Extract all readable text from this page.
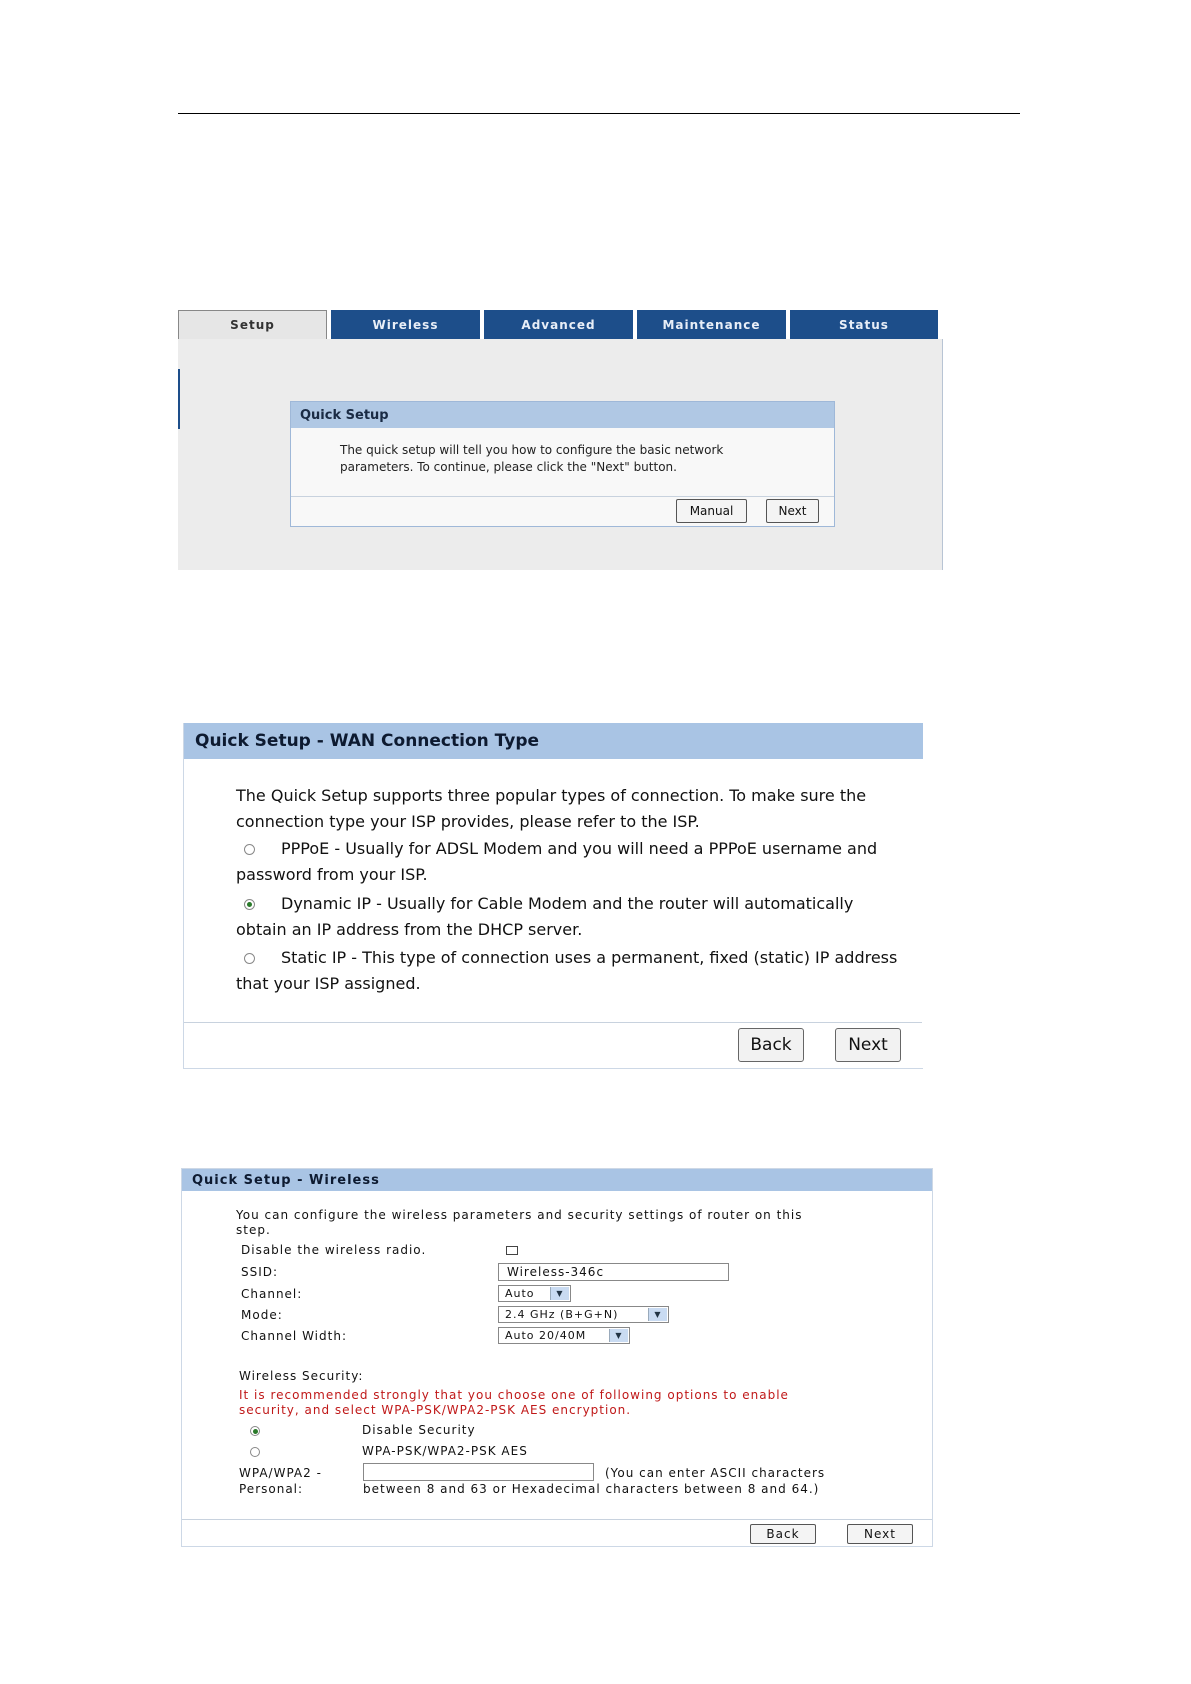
Setup	Wireless	Advanced	Maintenance	Status
Quick Setup
The quick setup will tell you how to configure the basic network
parameters. To continue, please click the "Next" button.
Manual	Next
Quick Setup - WAN Connection Type
The Quick Setup supports three popular types of connection. To make sure the
connection type your ISP provides, please refer to the ISP.
PPPoE - Usually for ADSL Modem and you will need a PPPoE username and
password from your ISP.
Dynamic IP - Usually for Cable Modem and the router will automatically
obtain an IP address from the DHCP server.
Static IP - This type of connection uses a permanent, fixed (static) IP address
that your ISP assigned.
Back	Next
Quick Setup - Wireless
You can configure the wireless parameters and security settings of router on this
step.
Disable the wireless radio.
SSID:	Wireless-346c
Channel:	Auto	▼
Mode:	2.4 GHz (B+G+N)	▼
Channel Width:	Auto 20/40M	▼
Wireless Security:
It is recommended strongly that you choose one of following options to enable
security, and select WPA-PSK/WPA2-PSK AES encryption.
Disable Security
WPA-PSK/WPA2-PSK AES
WPA/WPA2 -
Personal:
(You can enter ASCII characters
between 8 and 63 or Hexadecimal characters between 8 and 64.)
Back	Next
